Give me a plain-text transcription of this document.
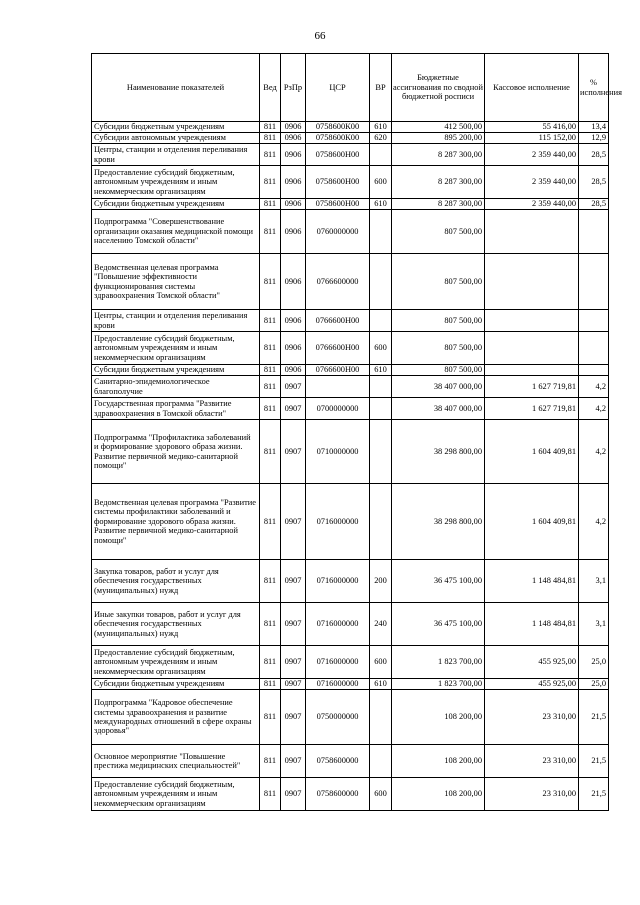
66
Наименование показателей	Вед	РзПр	ЦСР	ВР	Бюджетные ассигнования по сводной бюджетной росписи	Кассовое исполнение	% исполнения
Субсидии бюджетным учреждениям	811	0906	0758600К00	610	412 500,00	55 416,00	13,4
Субсидии автономным учреждениям	811	0906	0758600К00	620	895 200,00	115 152,00	12,9
Центры, станции и отделения переливания крови	811	0906	0758600Н00		8 287 300,00	2 359 440,00	28,5
Предоставление субсидий бюджетным, автономным учреждениям и иным некоммерческим организациям	811	0906	0758600Н00	600	8 287 300,00	2 359 440,00	28,5
Субсидии бюджетным учреждениям	811	0906	0758600Н00	610	8 287 300,00	2 359 440,00	28,5
Подпрограмма "Совершенствование организации оказания медицинской помощи населению Томской области"	811	0906	0760000000		807 500,00		
Ведомственная целевая программа "Повышение эффективности функционирования системы здравоохранения Томской области"	811	0906	0766600000		807 500,00		
Центры, станции и отделения переливания крови	811	0906	0766600Н00		807 500,00		
Предоставление субсидий бюджетным, автономным учреждениям и иным некоммерческим организациям	811	0906	0766600Н00	600	807 500,00		
Субсидии бюджетным учреждениям	811	0906	0766600Н00	610	807 500,00		
Санитарно-эпидемиологическое благополучие	811	0907			38 407 000,00	1 627 719,81	4,2
Государственная программа "Развитие здравоохранения в Томской области"	811	0907	0700000000		38 407 000,00	1 627 719,81	4,2
Подпрограмма "Профилактика заболеваний и формирование здорового образа жизни. Развитие первичной медико-санитарной помощи"	811	0907	0710000000		38 298 800,00	1 604 409,81	4,2
Ведомственная целевая программа "Развитие системы профилактики заболеваний и формирование здорового образа жизни. Развитие первичной медико-санитарной помощи"	811	0907	0716000000		38 298 800,00	1 604 409,81	4,2
Закупка товаров, работ и услуг для обеспечения государственных (муниципальных) нужд	811	0907	0716000000	200	36 475 100,00	1 148 484,81	3,1
Иные закупки товаров, работ и услуг для обеспечения государственных (муниципальных) нужд	811	0907	0716000000	240	36 475 100,00	1 148 484,81	3,1
Предоставление субсидий бюджетным, автономным учреждениям и иным некоммерческим организациям	811	0907	0716000000	600	1 823 700,00	455 925,00	25,0
Субсидии бюджетным учреждениям	811	0907	0716000000	610	1 823 700,00	455 925,00	25,0
Подпрограмма "Кадровое обеспечение системы здравоохранения и развитие международных отношений в сфере охраны здоровья"	811	0907	0750000000		108 200,00	23 310,00	21,5
Основное мероприятие "Повышение престижа медицинских специальностей"	811	0907	0758600000		108 200,00	23 310,00	21,5
Предоставление субсидий бюджетным, автономным учреждениям и иным некоммерческим организациям	811	0907	0758600000	600	108 200,00	23 310,00	21,5
